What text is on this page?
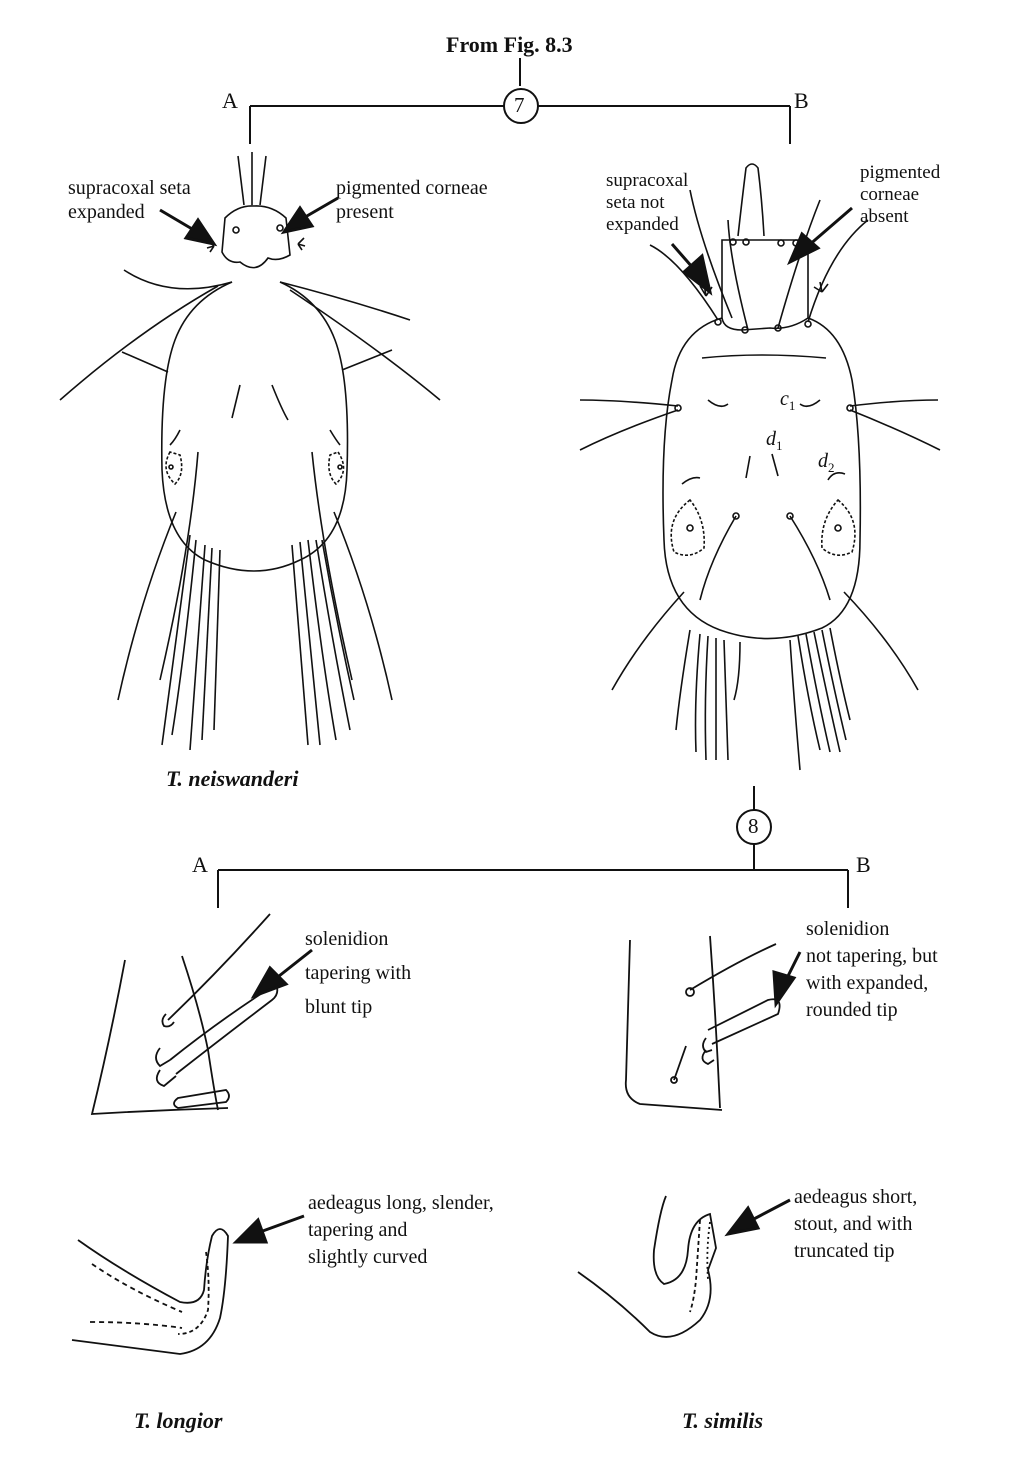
From Fig. 8.3
7
A	B
supracoxal seta
expanded
pigmented corneae
present
supracoxal
seta not
expanded
pigmented
corneae
absent
$c_1$
$d_1$
$d_2$
T. neiswanderi
8
A	B
solenidion
tapering with
blunt tip
solenidion
not tapering, but
with expanded,
rounded tip
aedeagus long, slender,
tapering and
slightly curved
aedeagus short,
stout, and with
truncated tip
T. longior	T. similis
